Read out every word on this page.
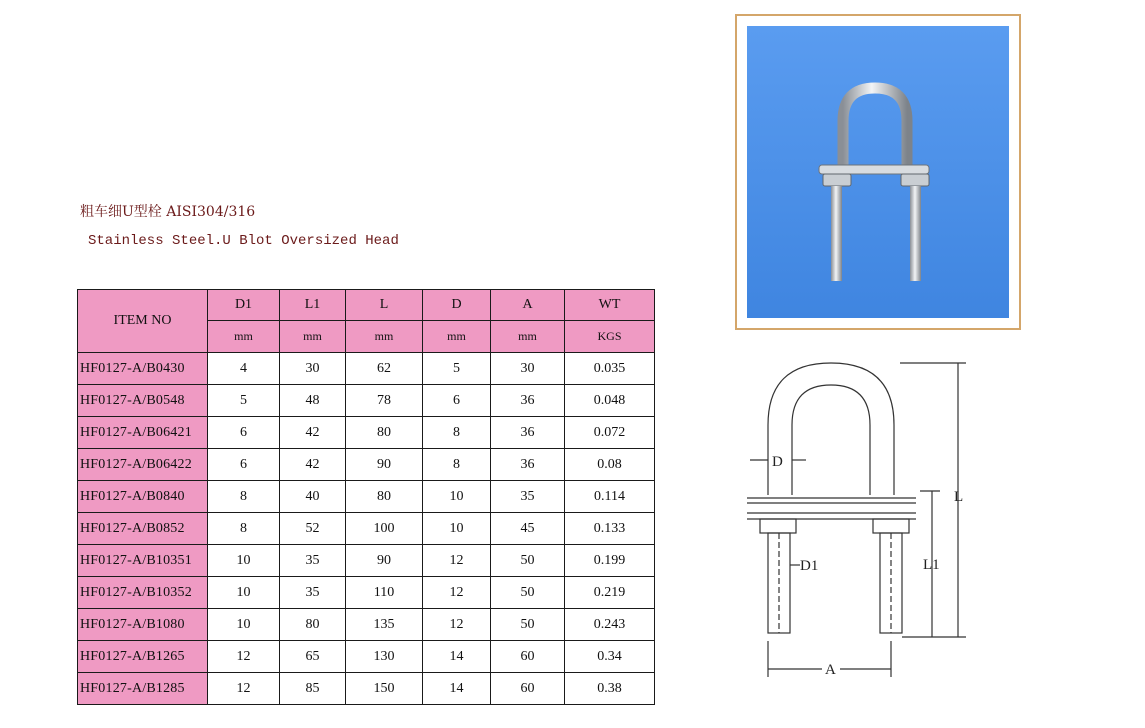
粗车细U型栓 AISI304/316
Stainless Steel.U Blot Oversized Head
ITEM NO	D1	L1	L	D	A	WT
	mm	mm	mm	mm	mm	KGS
HF0127-A/B0430	4	30	62	5	30	0.035
HF0127-A/B0548	5	48	78	6	36	0.048
HF0127-A/B06421	6	42	80	8	36	0.072
HF0127-A/B06422	6	42	90	8	36	0.08
HF0127-A/B0840	8	40	80	10	35	0.114
HF0127-A/B0852	8	52	100	10	45	0.133
HF0127-A/B10351	10	35	90	12	50	0.199
HF0127-A/B10352	10	35	110	12	50	0.219
HF0127-A/B1080	10	80	135	12	50	0.243
HF0127-A/B1265	12	65	130	14	60	0.34
HF0127-A/B1285	12	85	150	14	60	0.38
D
D1
L
L1
A
